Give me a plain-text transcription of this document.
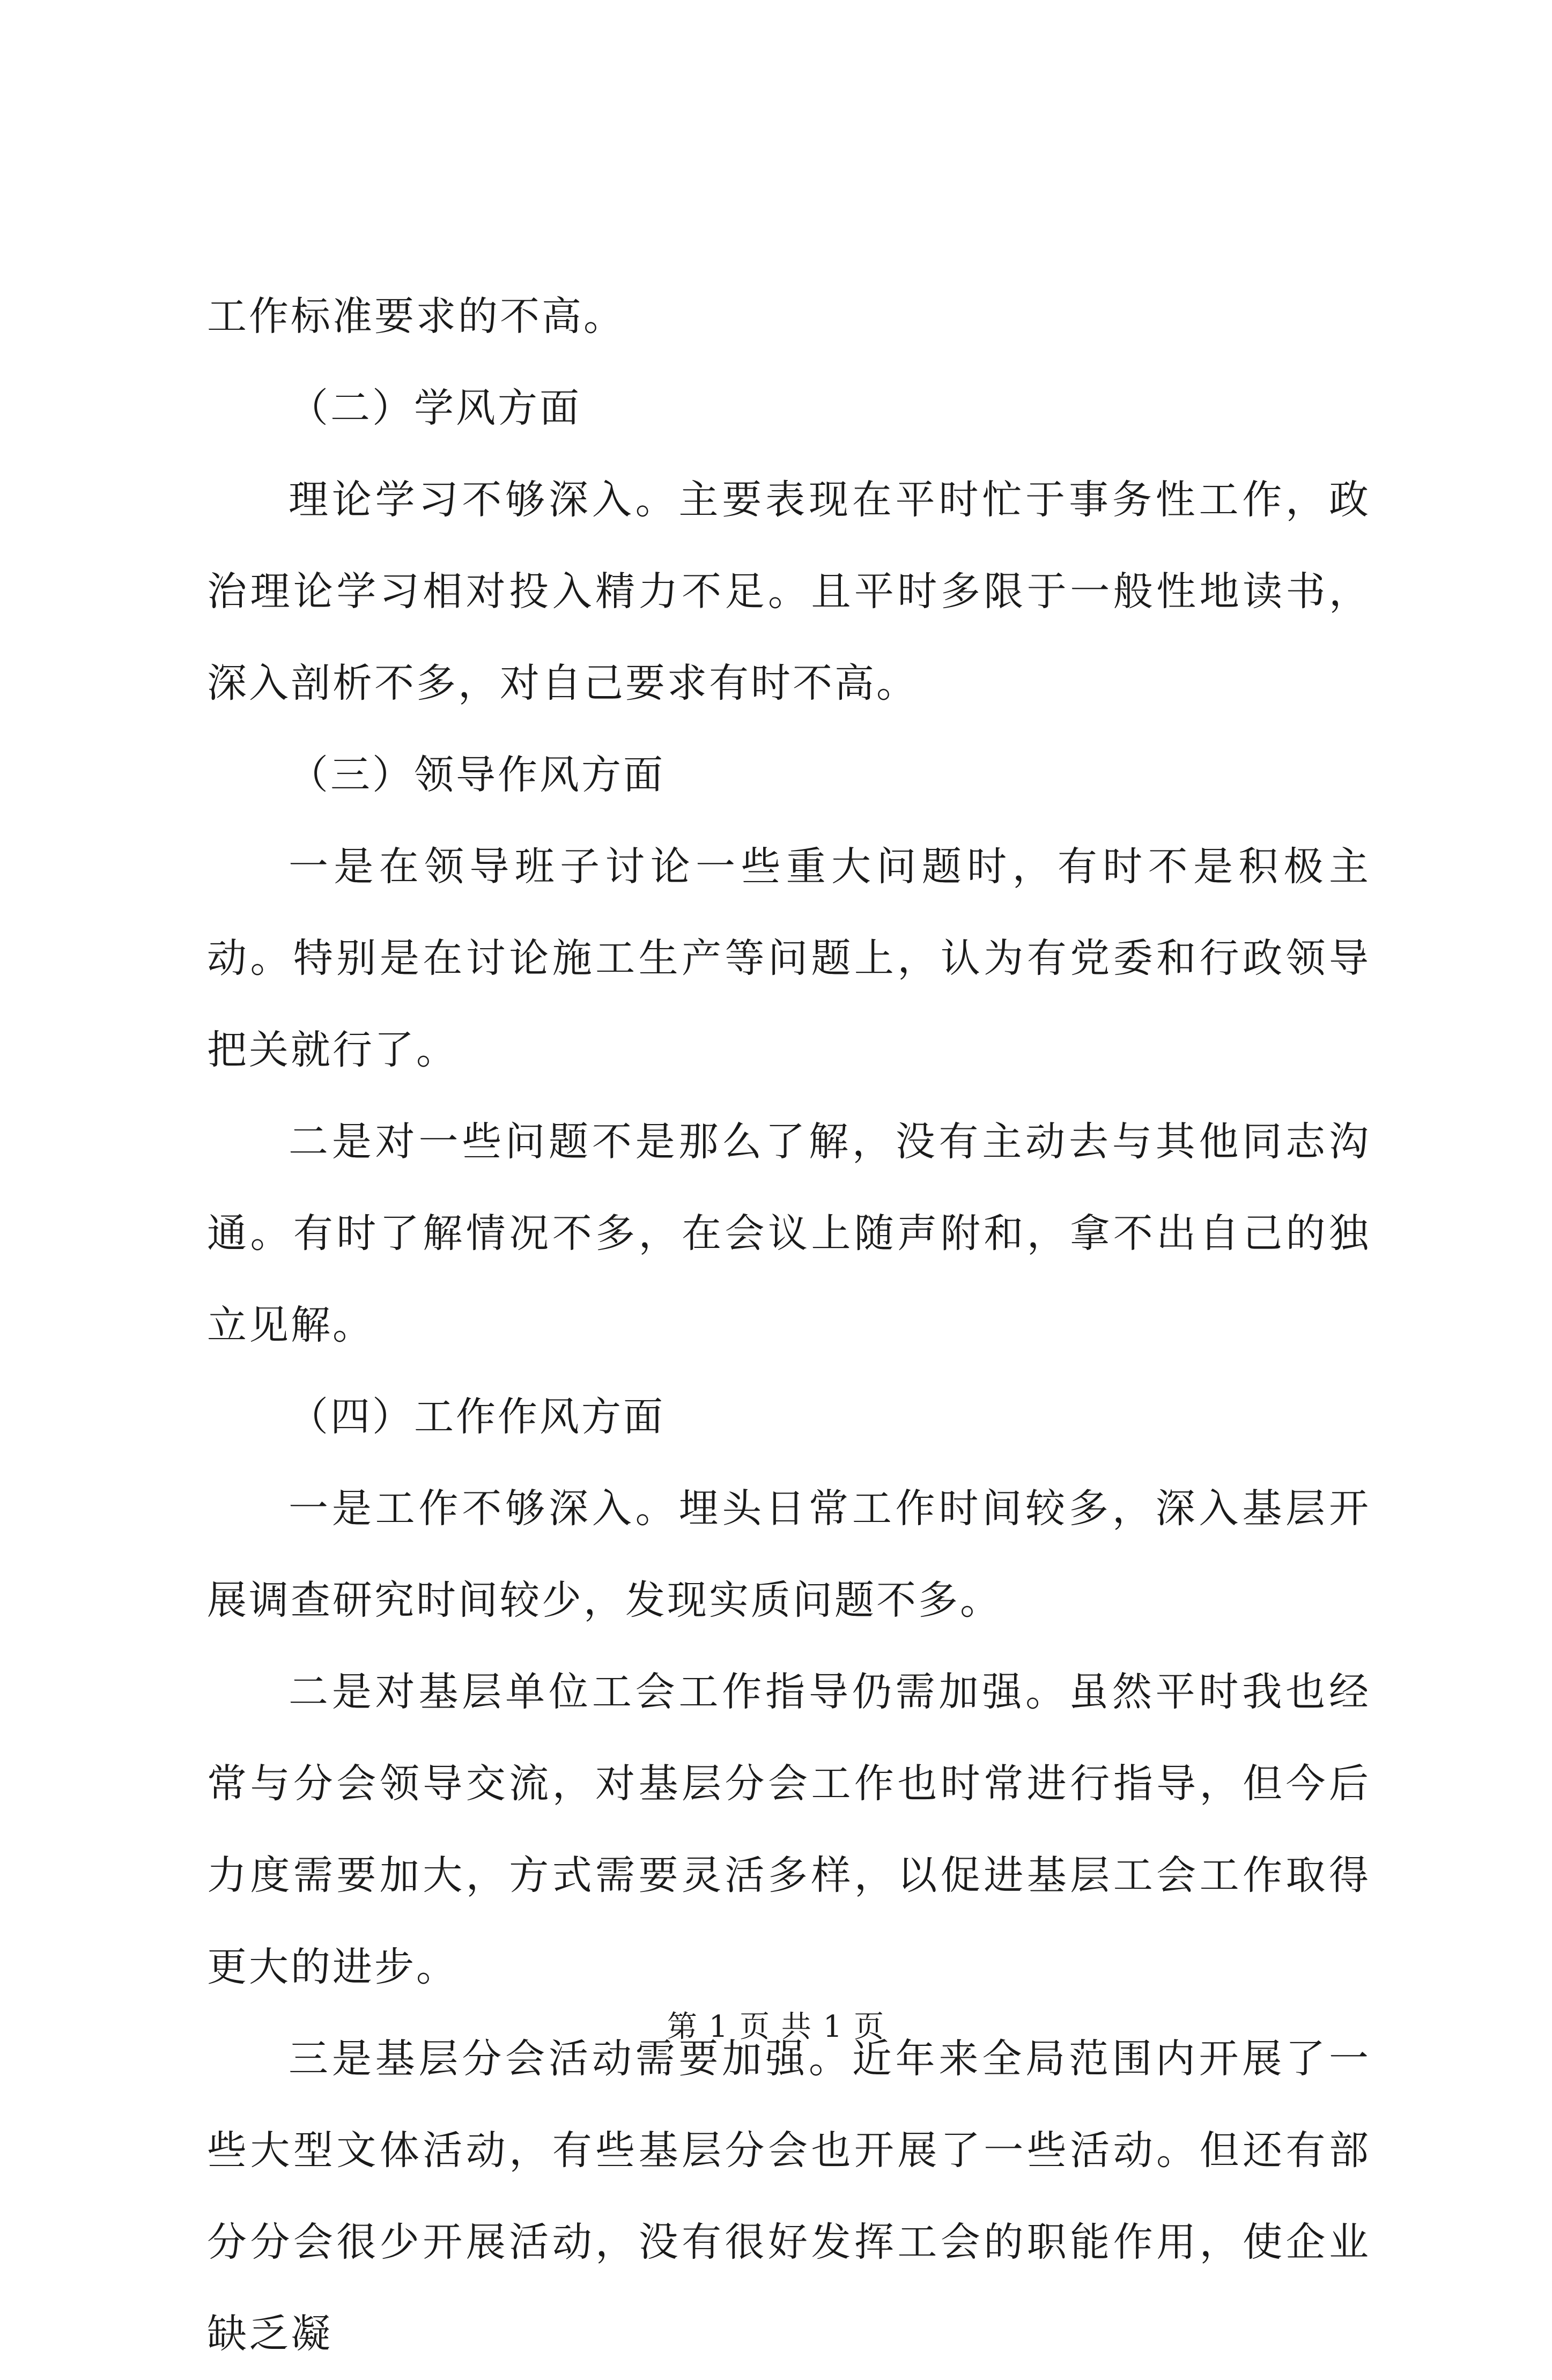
工作标准要求的不高。

（二）学风方面

理论学习不够深入。主要表现在平时忙于事务性工作，政治理论学习相对投入精力不足。且平时多限于一般性地读书，深入剖析不多，对自己要求有时不高。

（三）领导作风方面

一是在领导班子讨论一些重大问题时，有时不是积极主动。特别是在讨论施工生产等问题上，认为有党委和行政领导把关就行了。

二是对一些问题不是那么了解，没有主动去与其他同志沟通。有时了解情况不多，在会议上随声附和，拿不出自己的独立见解。

（四）工作作风方面

一是工作不够深入。埋头日常工作时间较多，深入基层开展调查研究时间较少，发现实质问题不多。

二是对基层单位工会工作指导仍需加强。虽然平时我也经常与分会领导交流，对基层分会工作也时常进行指导，但今后力度需要加大，方式需要灵活多样，以促进基层工会工作取得更大的进步。

三是基层分会活动需要加强。近年来全局范围内开展了一些大型文体活动，有些基层分会也开展了一些活动。但还有部分分会很少开展活动，没有很好发挥工会的职能作用，使企业缺乏凝

第 1 页 共 1 页
